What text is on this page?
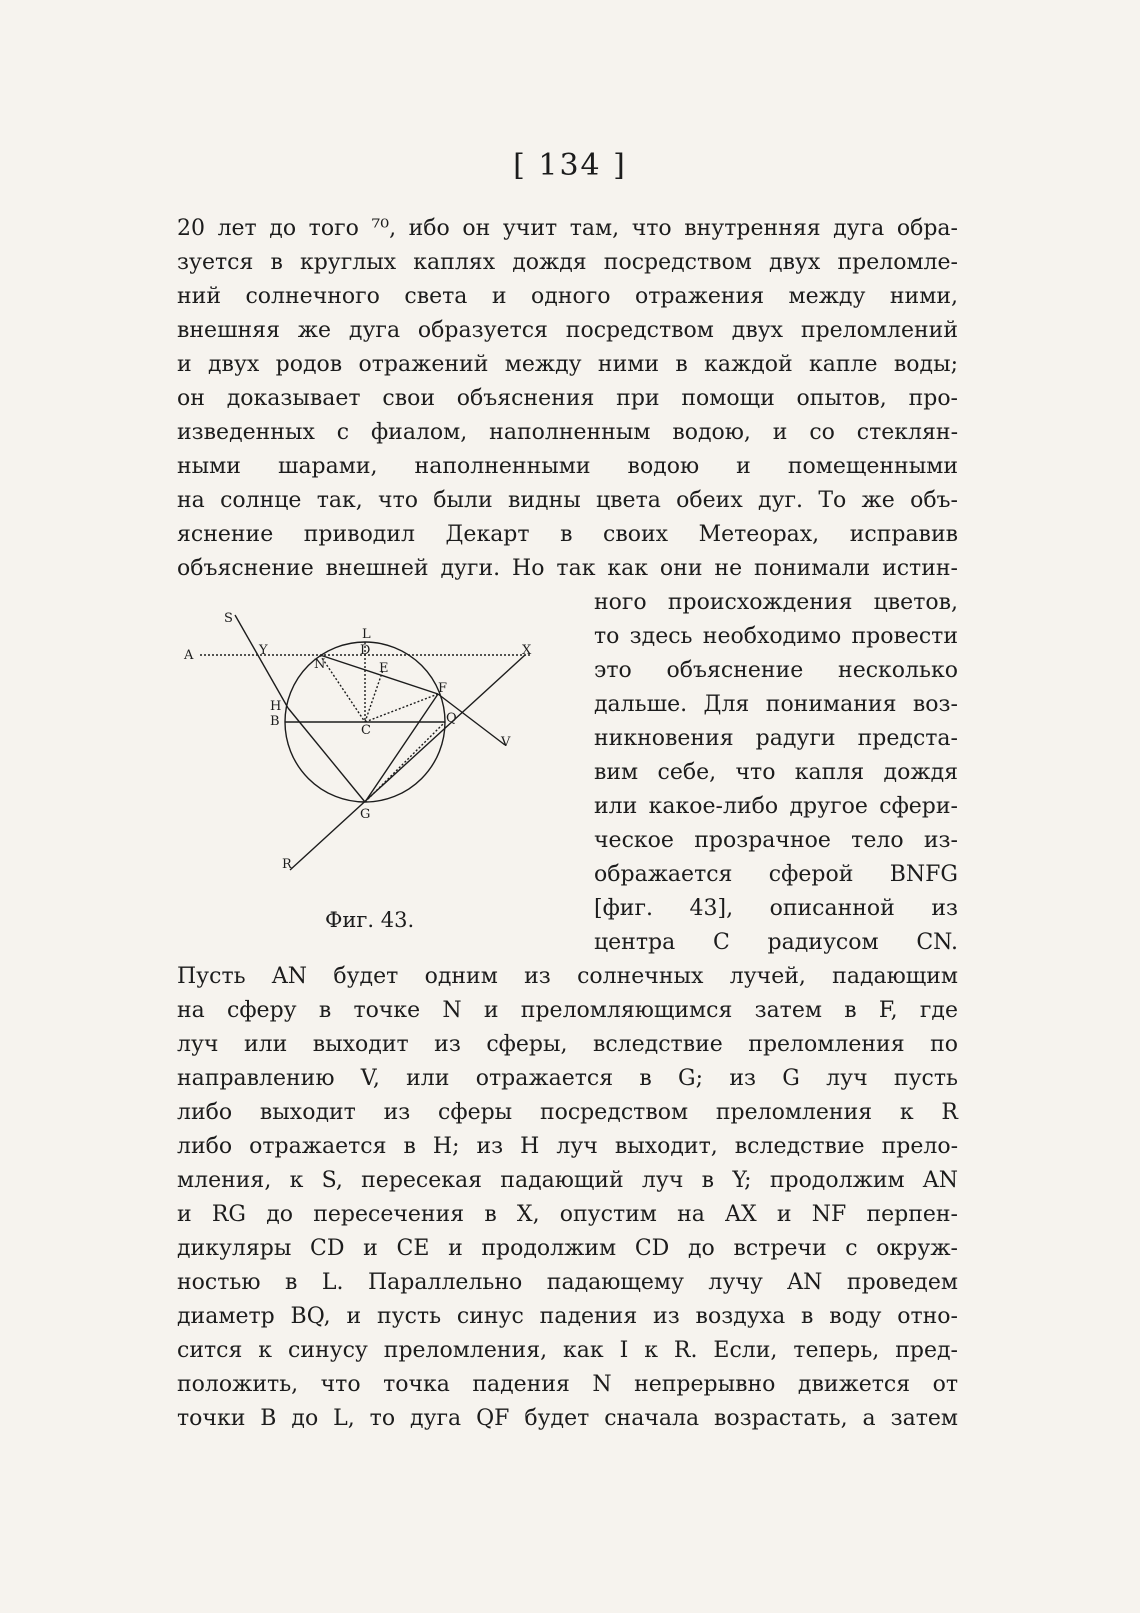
[ 134 ]
20 лет до того ⁷⁰, ибо он учит там, что внутренняя дуга обра-
зуется в круглых каплях дождя посредством двух преломле-
ний солнечного света и одного отражения между ними,
внешняя же дуга образуется посредством двух преломлений
и двух родов отражений между ними в каждой капле воды;
он доказывает свои объяснения при помощи опытов, про-
изведенных с фиалом, наполненным водою, и со стеклян-
ными шарами, наполненными водою и помещенными
на солнце так, что были видны цвета обеих дуг. То же объ-
яснение приводил Декарт в своих Метеорах, исправив
объяснение внешней дуги. Но так как они не понимали истин-
S
A	Y
L
D
N	E
X
H
B
C
F
Q
V
G
R
Фиг. 43.
ного происхождения цветов,
то здесь необходимо провести
это объяснение несколько
дальше. Для понимания воз-
никновения радуги предста-
вим себе, что капля дождя
или какое-либо другое сфери-
ческое прозрачное тело из-
ображается сферой BNFG
[фиг. 43], описанной из
центра C радиусом CN.
Пусть AN будет одним из солнечных лучей, падающим
на сферу в точке N и преломляющимся затем в F, где
луч или выходит из сферы, вследствие преломления по
направлению V, или отражается в G; из G луч пусть
либо выходит из сферы посредством преломления к R
либо отражается в H; из H луч выходит, вследствие прело-
мления, к S, пересекая падающий луч в Y; продолжим AN
и RG до пересечения в X, опустим на AX и NF перпен-
дикуляры CD и CE и продолжим CD до встречи с окруж-
ностью в L. Параллельно падающему лучу AN проведем
диаметр BQ, и пусть синус падения из воздуха в воду отно-
сится к синусу преломления, как I к R. Если, теперь, пред-
положить, что точка падения N непрерывно движется от
точки B до L, то дуга QF будет сначала возрастать, а затем
